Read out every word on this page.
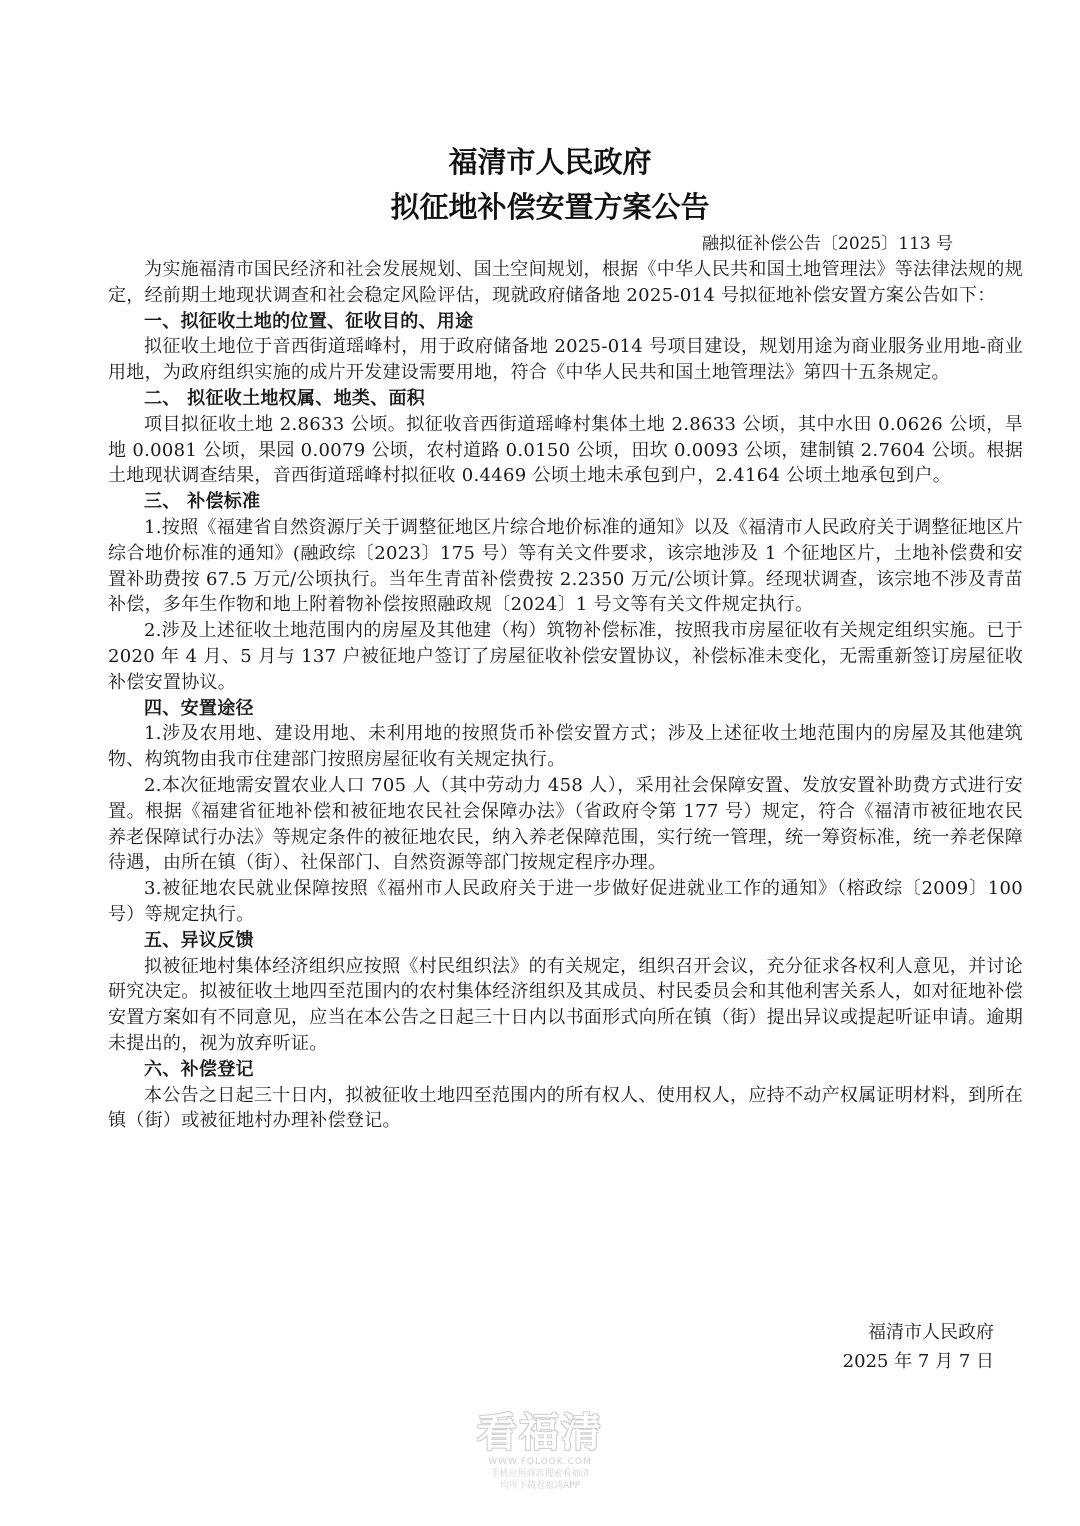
福清市人民政府
拟征地补偿安置方案公告
融拟征补偿公告〔2025〕113 号

为实施福清市国民经济和社会发展规划、国土空间规划，根据《中华人民共和国土地管理法》等法律法规的规定，经前期土地现状调查和社会稳定风险评估，现就政府储备地 2025-014 号拟征地补偿安置方案公告如下：

一、拟征收土地的位置、征收目的、用途

拟征收土地位于音西街道瑶峰村，用于政府储备地 2025-014 号项目建设，规划用途为商业服务业用地-商业用地，为政府组织实施的成片开发建设需要用地，符合《中华人民共和国土地管理法》第四十五条规定。

二、 拟征收土地权属、地类、面积

项目拟征收土地 2.8633 公顷。拟征收音西街道瑶峰村集体土地 2.8633 公顷，其中水田 0.0626 公顷，旱地 0.0081 公顷，果园 0.0079 公顷，农村道路 0.0150 公顷，田坎 0.0093 公顷，建制镇 2.7604 公顷。根据土地现状调查结果，音西街道瑶峰村拟征收 0.4469 公顷土地未承包到户，2.4164 公顷土地承包到户。

三、 补偿标准

1.按照《福建省自然资源厅关于调整征地区片综合地价标准的通知》以及《福清市人民政府关于调整征地区片综合地价标准的通知》(融政综〔2023〕175 号）等有关文件要求，该宗地涉及 1 个征地区片，土地补偿费和安置补助费按 67.5 万元/公顷执行。当年生青苗补偿费按 2.2350 万元/公顷计算。经现状调查，该宗地不涉及青苗补偿，多年生作物和地上附着物补偿按照融政规〔2024〕1 号文等有关文件规定执行。

2.涉及上述征收土地范围内的房屋及其他建（构）筑物补偿标准，按照我市房屋征收有关规定组织实施。已于 2020 年 4 月、5 月与 137 户被征地户签订了房屋征收补偿安置协议，补偿标准未变化，无需重新签订房屋征收补偿安置协议。

四、安置途径

1.涉及农用地、建设用地、未利用地的按照货币补偿安置方式；涉及上述征收土地范围内的房屋及其他建筑物、构筑物由我市住建部门按照房屋征收有关规定执行。

2.本次征地需安置农业人口 705 人（其中劳动力 458 人），采用社会保障安置、发放安置补助费方式进行安置。根据《福建省征地补偿和被征地农民社会保障办法》（省政府令第 177 号）规定，符合《福清市被征地农民养老保障试行办法》等规定条件的被征地农民，纳入养老保障范围，实行统一管理，统一筹资标准，统一养老保障待遇，由所在镇（街）、社保部门、自然资源等部门按规定程序办理。

3.被征地农民就业保障按照《福州市人民政府关于进一步做好促进就业工作的通知》（榕政综〔2009〕100 号）等规定执行。

五、异议反馈

拟被征地村集体经济组织应按照《村民组织法》的有关规定，组织召开会议，充分征求各权利人意见，并讨论研究决定。拟被征收土地四至范围内的农村集体经济组织及其成员、村民委员会和其他利害关系人，如对征地补偿安置方案如有不同意见，应当在本公告之日起三十日内以书面形式向所在镇（街）提出异议或提起听证申请。逾期未提出的，视为放弃听证。

六、补偿登记

本公告之日起三十日内，拟被征收土地四至范围内的所有权人、使用权人，应持不动产权属证明材料，到所在镇（街）或被征地村办理补偿登记。

福清市人民政府
2025 年 7 月 7 日
看福清
WWW.FQLOOK.COM
手机应用商店搜索看福清
均可下载看福清APP
